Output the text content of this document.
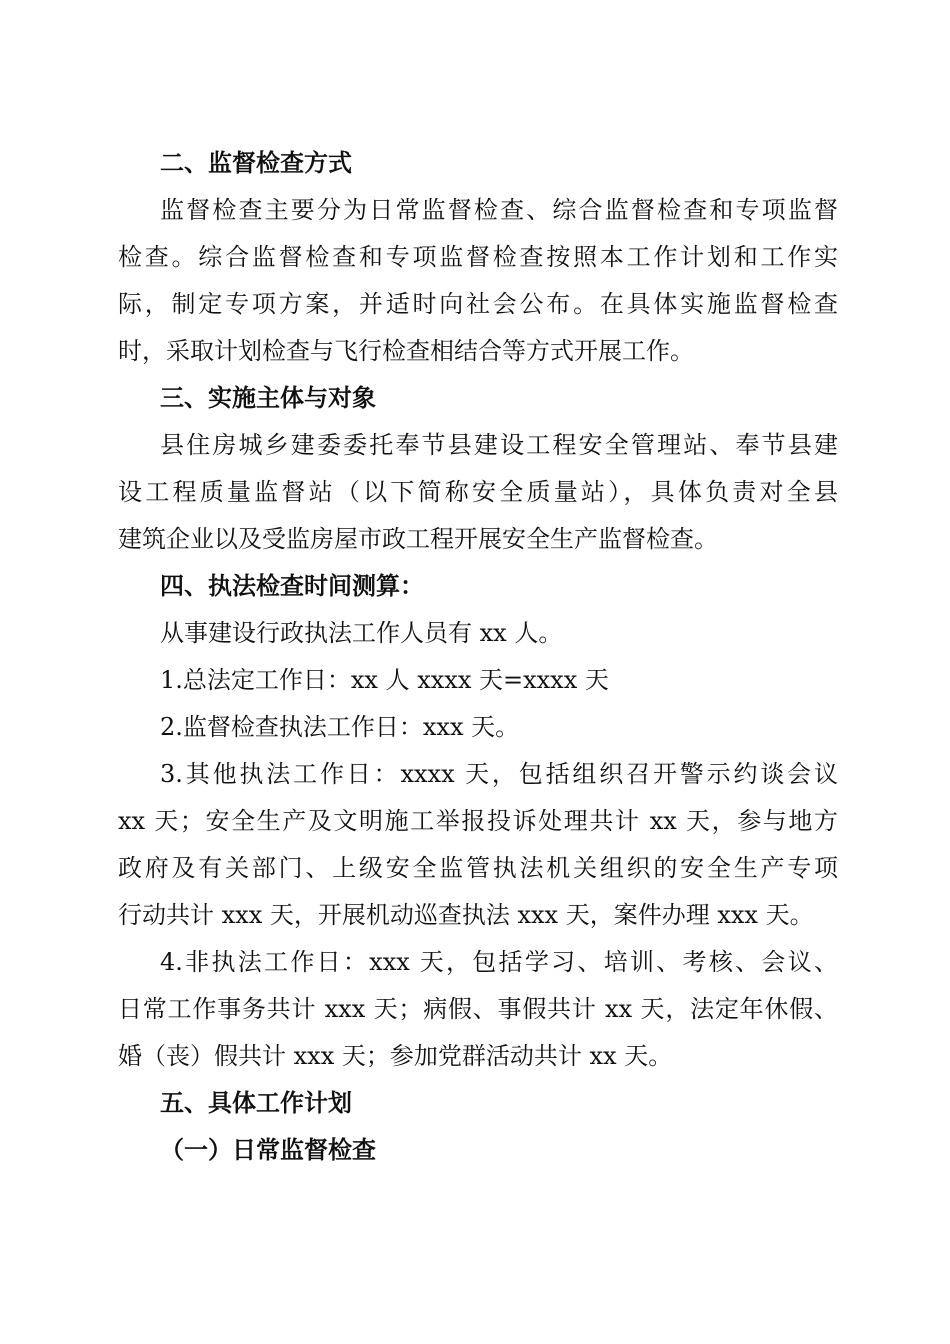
二、监督检查方式
监督检查主要分为日常监督检查、综合监督检查和专项监督
检查。综合监督检查和专项监督检查按照本工作计划和工作实
际，制定专项方案，并适时向社会公布。在具体实施监督检查
时，采取计划检查与飞行检查相结合等方式开展工作。
三、实施主体与对象
县住房城乡建委委托奉节县建设工程安全管理站、奉节县建
设工程质量监督站（以下简称安全质量站），具体负责对全县
建筑企业以及受监房屋市政工程开展安全生产监督检查。
四、执法检查时间测算：
从事建设行政执法工作人员有 xx 人。
1.总法定工作日：xx 人 xxxx 天=xxxx 天
2.监督检查执法工作日：xxx 天。
3.其他执法工作日：xxxx 天，包括组织召开警示约谈会议
xx 天；安全生产及文明施工举报投诉处理共计 xx 天，参与地方
政府及有关部门、上级安全监管执法机关组织的安全生产专项
行动共计 xxx 天，开展机动巡查执法 xxx 天，案件办理 xxx 天。
4.非执法工作日：xxx 天，包括学习、培训、考核、会议、
日常工作事务共计 xxx 天；病假、事假共计 xx 天，法定年休假、
婚（丧）假共计 xxx 天；参加党群活动共计 xx 天。
五、具体工作计划
（一）日常监督检查
